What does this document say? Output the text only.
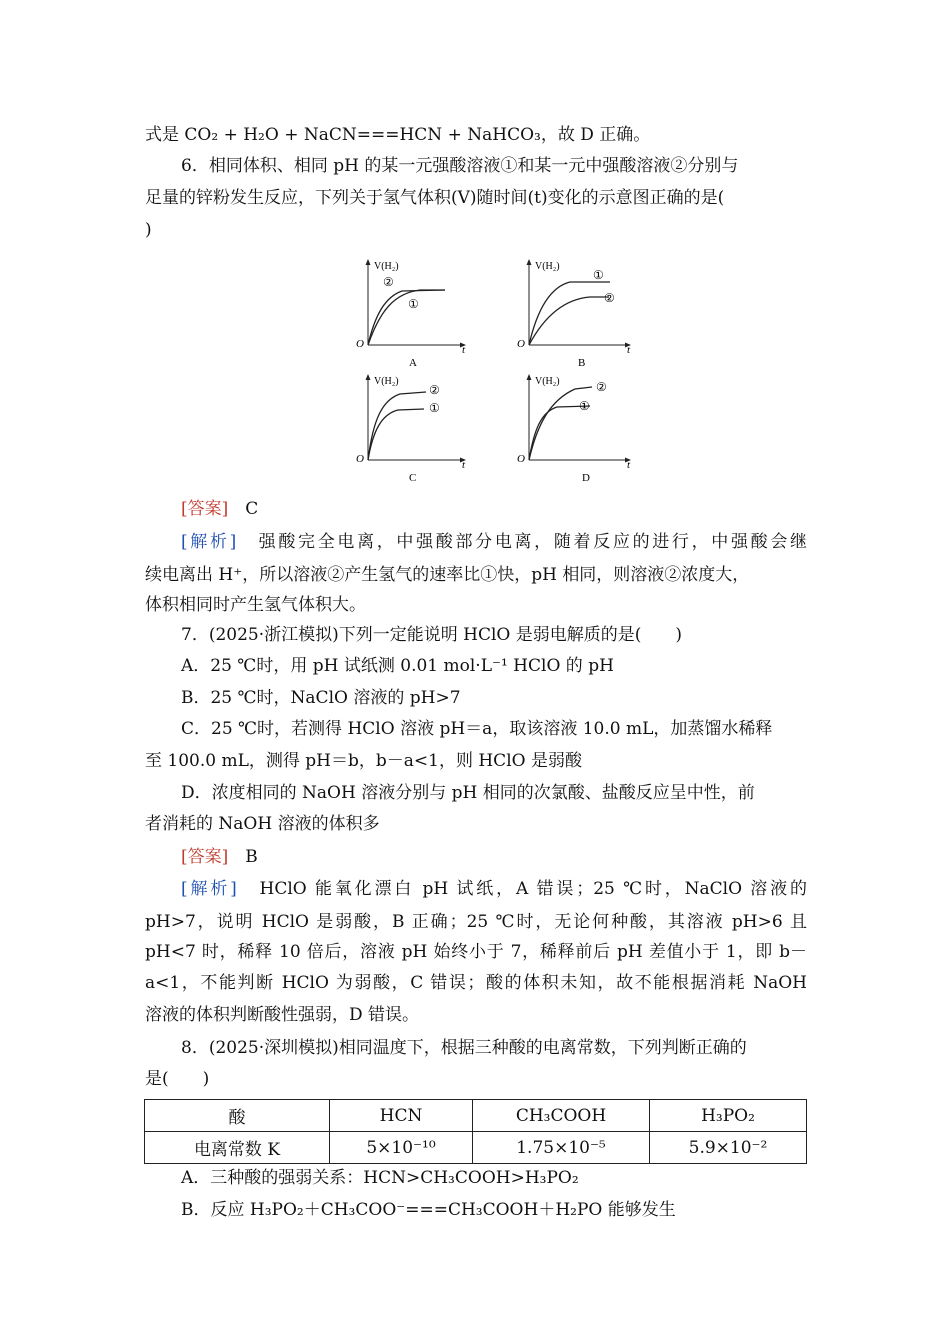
式是 CO₂ + H₂O + NaCN===HCN + NaHCO₃，故 D 正确。
6．相同体积、相同 pH 的某一元强酸溶液①和某一元中强酸溶液②分别与
足量的锌粉发生反应，下列关于氢气体积(V)随时间(t)变化的示意图正确的是(
)
V(H₂)
t
O
②
①
A
V(H₂)
t
O
①
②
B
V(H₂)
t
O
②
①
C
V(H₂)
t
O
②
①
D
[答案]　 C
[解析]　 强酸完全电离，中强酸部分电离，随着反应的进行，中强酸会继
续电离出 H⁺，所以溶液②产生氢气的速率比①快，pH 相同，则溶液②浓度大，
体积相同时产生氢气体积大。
7．(2025·浙江模拟)下列一定能说明 HClO 是弱电解质的是(　　)
A．25 ℃时，用 pH 试纸测 0.01 mol·L⁻¹ HClO 的 pH
B．25 ℃时，NaClO 溶液的 pH>7
C．25 ℃时，若测得 HClO 溶液 pH＝a，取该溶液 10.0 mL，加蒸馏水稀释
至 100.0 mL，测得 pH＝b，b－a<1，则 HClO 是弱酸
D．浓度相同的 NaOH 溶液分别与 pH 相同的次氯酸、盐酸反应呈中性，前
者消耗的 NaOH 溶液的体积多
[答案]　 B
[解析]　 HClO 能氧化漂白 pH 试纸，A 错误；25 ℃时，NaClO 溶液的
pH>7，说明 HClO 是弱酸，B 正确；25 ℃时，无论何种酸，其溶液 pH>6 且
pH<7 时，稀释 10 倍后，溶液 pH 始终小于 7，稀释前后 pH 差值小于 1，即 b－
a<1，不能判断 HClO 为弱酸，C 错误；酸的体积未知，故不能根据消耗 NaOH
溶液的体积判断酸性强弱，D 错误。
8．(2025·深圳模拟)相同温度下，根据三种酸的电离常数，下列判断正确的
是(　　)
酸	HCN	CH₃COOH	H₃PO₂
电离常数 K	5×10⁻¹⁰	1.75×10⁻⁵	5.9×10⁻²
A．三种酸的强弱关系：HCN>CH₃COOH>H₃PO₂
B．反应 H₃PO₂＋CH₃COO⁻===CH₃COOH＋H₂PO 能够发生
